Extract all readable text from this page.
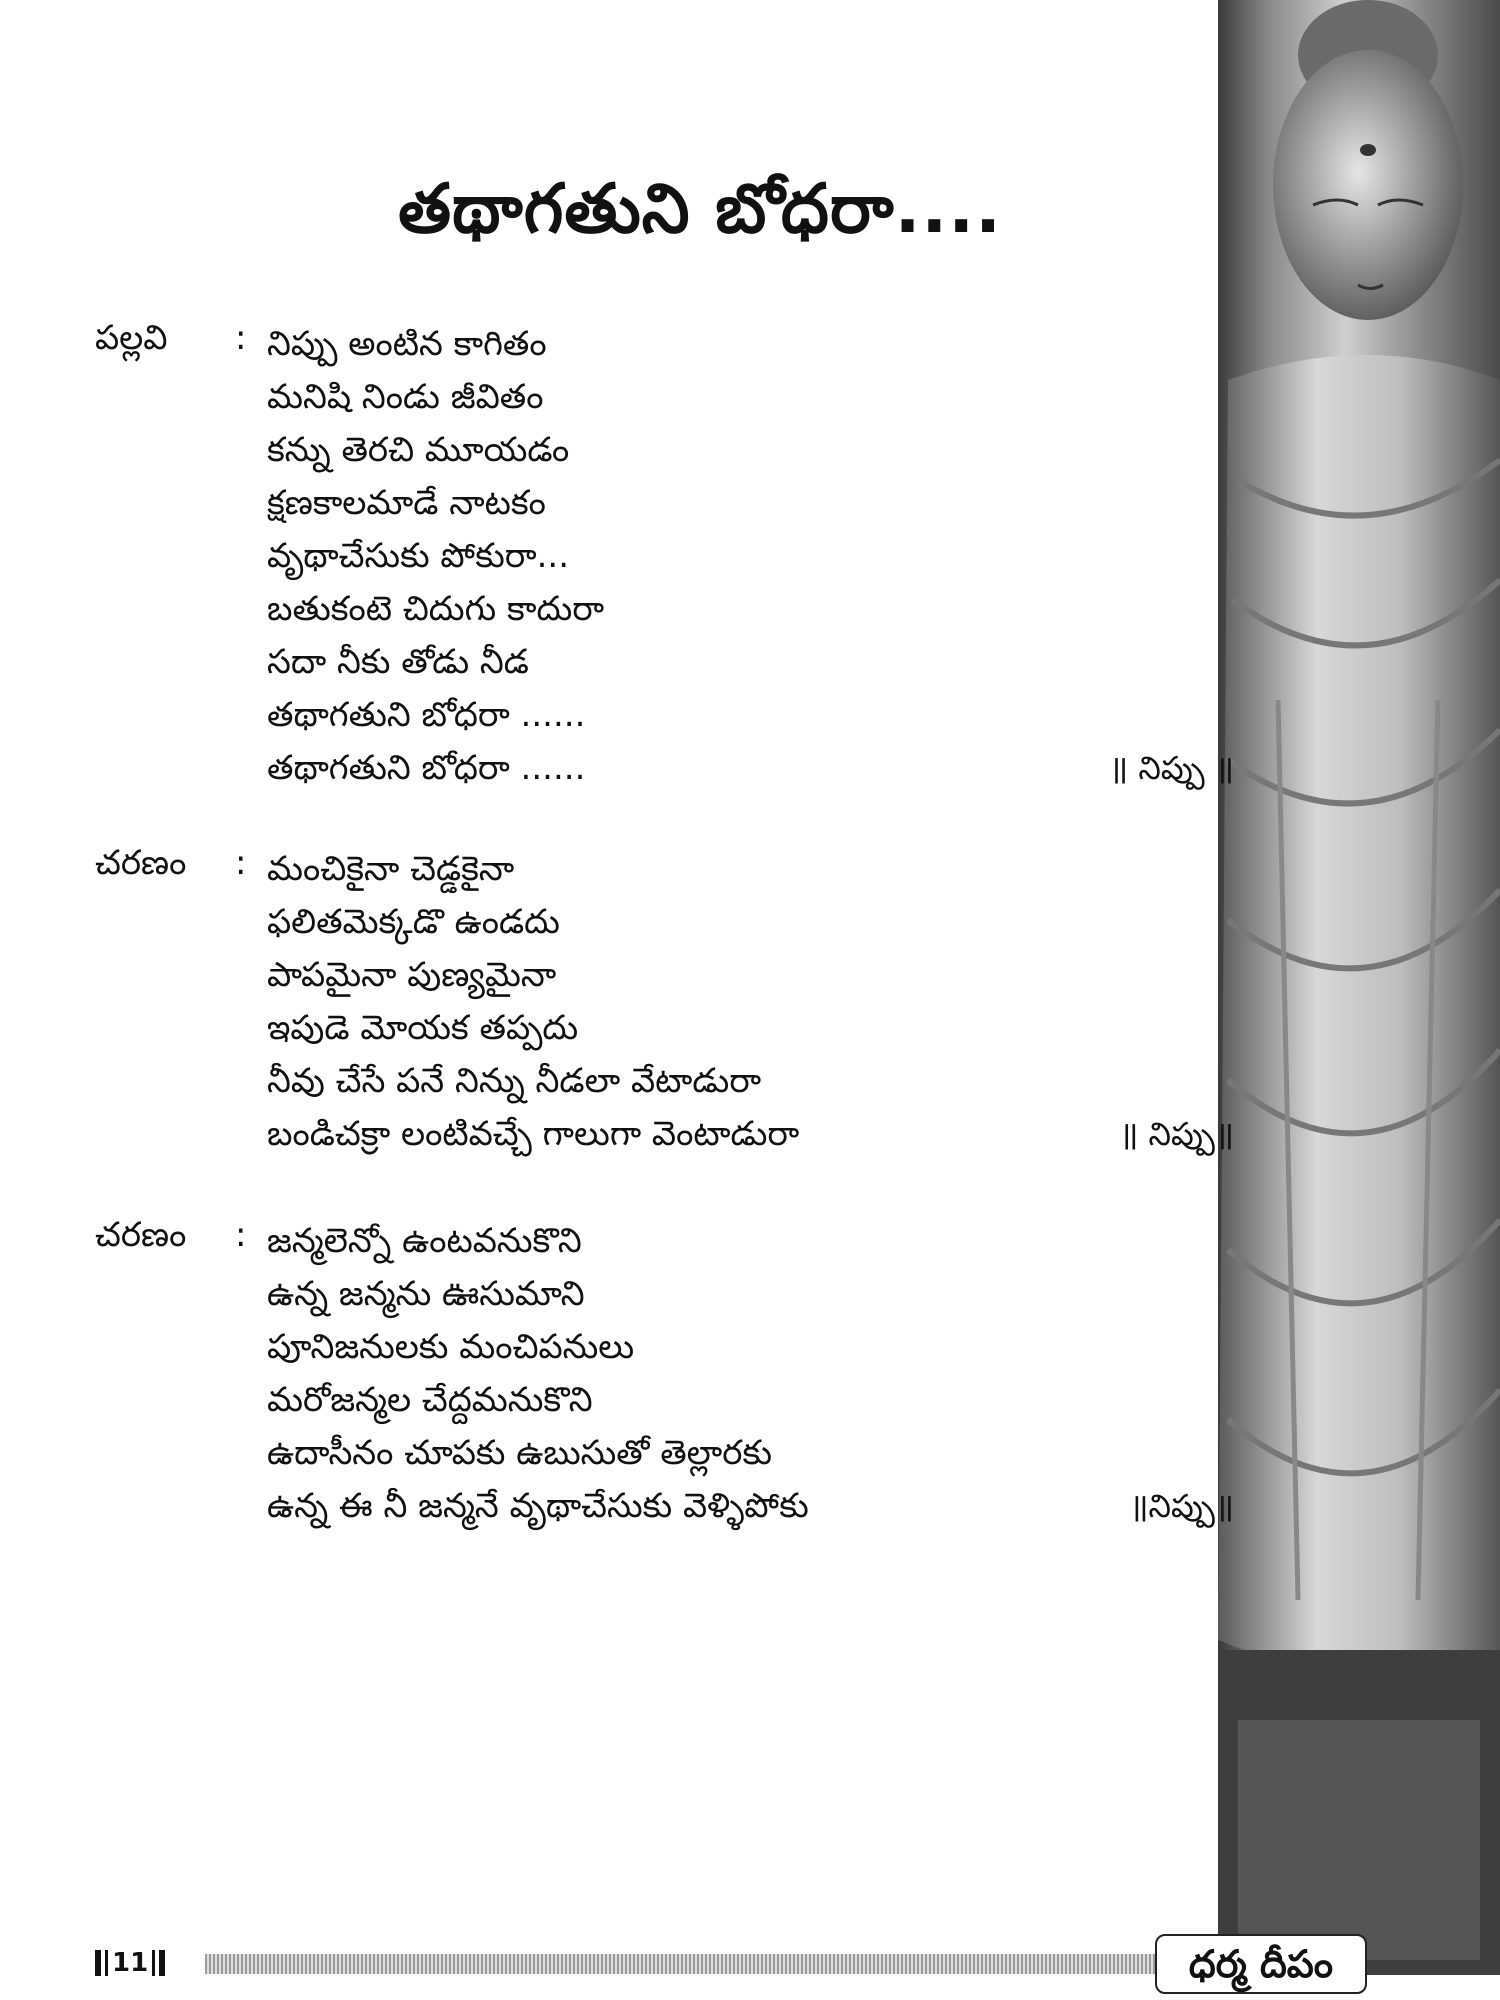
తథాగతుని బోధరా....
పల్లవి : నిప్పు అంటిన కాగితం
మనిషి నిండు జీవితం
కన్ను తెరచి మూయడం
క్షణకాలమాడే నాటకం
వృథాచేసుకు పోకురా...
బతుకంటె చిదుగు కాదురా
సదా నీకు తోడు నీడ
తథాగతుని బోధరా ......
తథాగతుని బోధరా ......	॥ నిప్పు ॥
చరణం : మంచికైనా చెడ్డకైనా
ఫలితమెక్కడొ ఉండదు
పాపమైనా పుణ్యమైనా
ఇపుడె మోయక తప్పదు
నీవు చేసే పనే నిన్ను నీడలా వేటాడురా
బండిచక్రా లంటివచ్చే గాలుగా వెంటాడురా	॥ నిప్పు॥
చరణం : జన్మలెన్నో ఉంటవనుకొని
ఉన్న జన్మను ఊసుమాని
పూనిజనులకు మంచిపనులు
మరోజన్మల చేద్దమనుకొని
ఉదాసీనం చూపకు ఉబుసుతో తెల్లారకు
ఉన్న ఈ నీ జన్మనే వృథాచేసుకు వెళ్ళిపోకు	॥నిప్పు॥
11	ధర్మ దీపం
